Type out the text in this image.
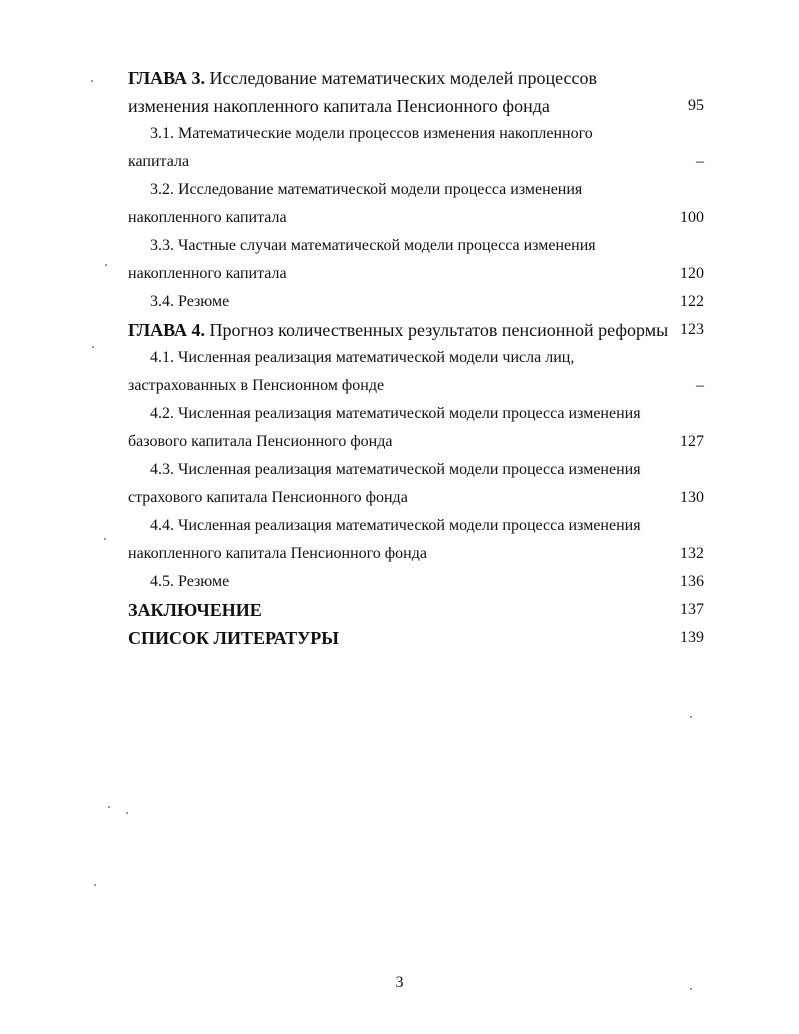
ГЛАВА 3. Исследование математических моделей процессов
изменения накопленного капитала Пенсионного фонда	95
3.1. Математические модели процессов изменения накопленного
капитала	–
3.2. Исследование математической модели процесса изменения
накопленного капитала	100
3.3. Частные случаи математической модели процесса изменения
накопленного капитала	120
3.4. Резюме	122
ГЛАВА 4. Прогноз количественных результатов пенсионной реформы 123
4.1. Численная реализация математической модели числа лиц,
застрахованных в Пенсионном фонде	–
4.2. Численная реализация математической модели процесса изменения
базового капитала Пенсионного фонда	127
4.3. Численная реализация математической модели процесса изменения
страхового капитала Пенсионного фонда	130
4.4. Численная реализация математической модели процесса изменения
накопленного капитала Пенсионного фонда	132
4.5. Резюме	136
ЗАКЛЮЧЕНИЕ	137
СПИСОК ЛИТЕРАТУРЫ	139
3
